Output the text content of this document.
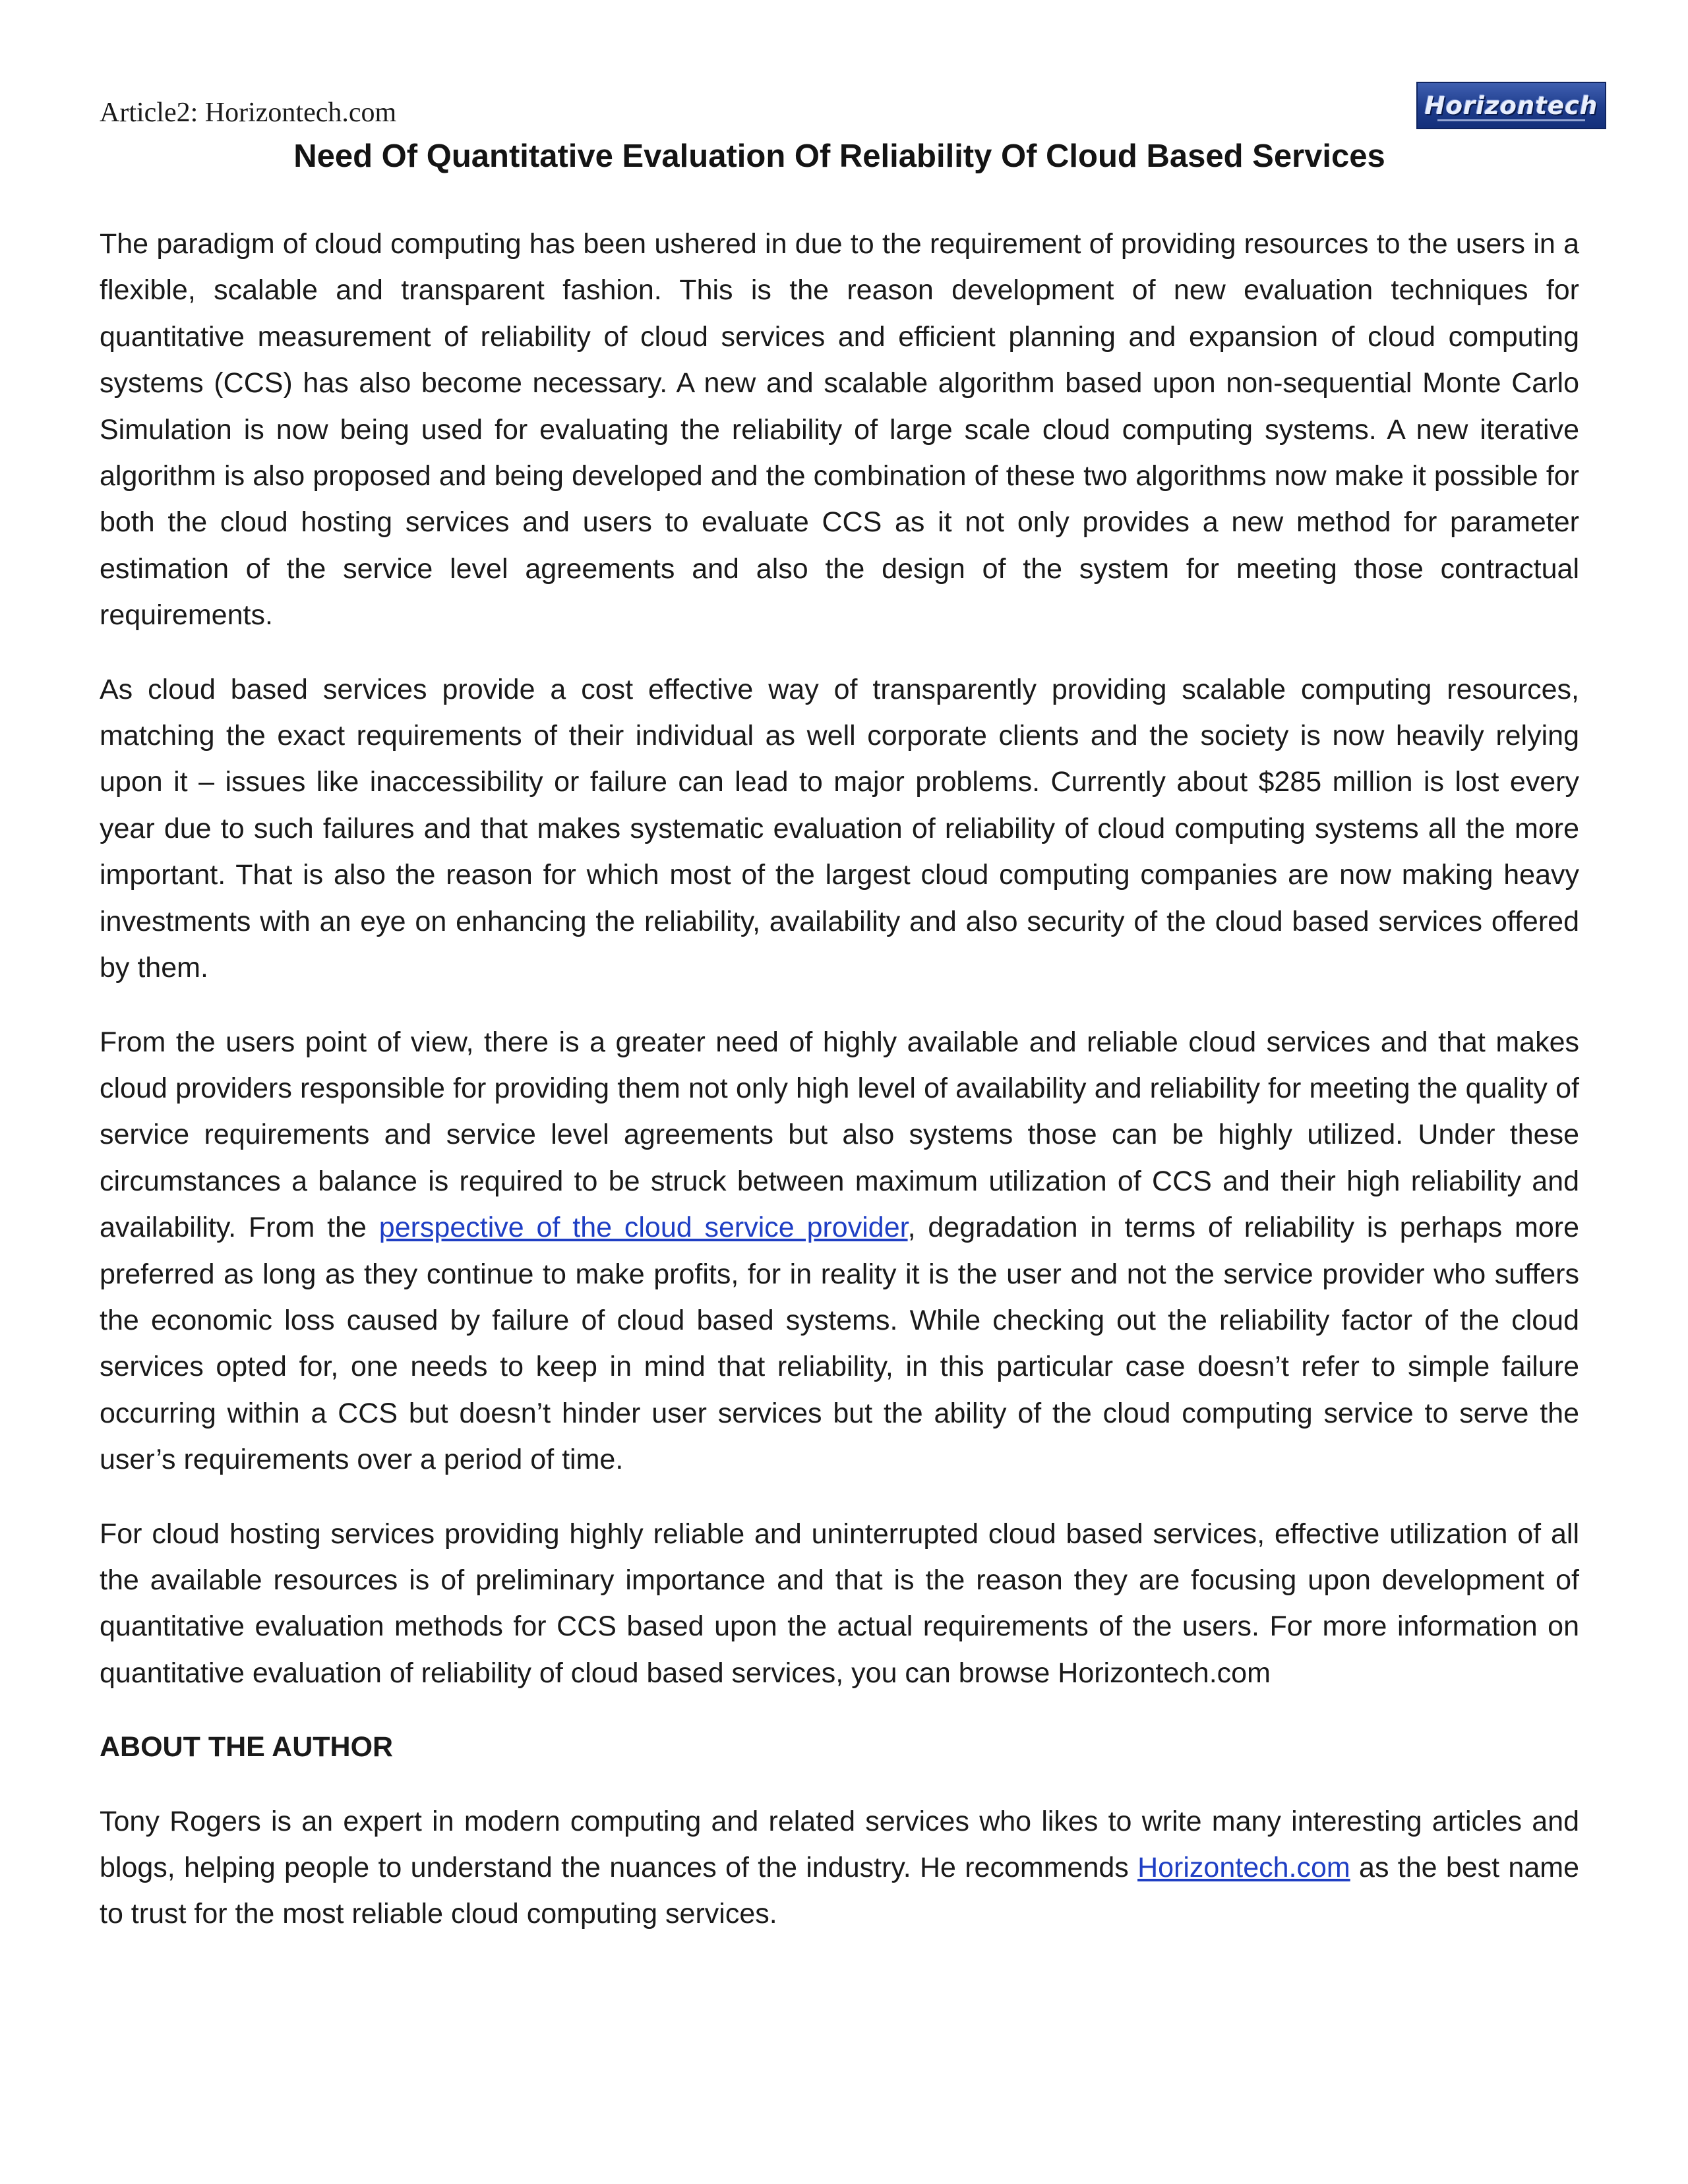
Article2: Horizontech.com	Horizontech
Need Of Quantitative Evaluation Of Reliability Of Cloud Based Services

The paradigm of cloud computing has been ushered in due to the requirement of providing resources to the users in a flexible, scalable and transparent fashion. This is the reason development of new evaluation techniques for quantitative measurement of reliability of cloud services and efficient planning and expansion of cloud computing systems (CCS) has also become necessary. A new and scalable algorithm based upon non-sequential Monte Carlo Simulation is now being used for evaluating the reliability of large scale cloud computing systems. A new iterative algorithm is also proposed and being developed and the combination of these two algorithms now make it possible for both the cloud hosting services and users to evaluate CCS as it not only provides a new method for parameter estimation of the service level agreements and also the design of the system for meeting those contractual requirements.

As cloud based services provide a cost effective way of transparently providing scalable computing resources, matching the exact requirements of their individual as well corporate clients and the society is now heavily relying upon it – issues like inaccessibility or failure can lead to major problems. Currently about $285 million is lost every year due to such failures and that makes systematic evaluation of reliability of cloud computing systems all the more important. That is also the reason for which most of the largest cloud computing companies are now making heavy investments with an eye on enhancing the reliability, availability and also security of the cloud based services offered by them.

From the users point of view, there is a greater need of highly available and reliable cloud services and that makes cloud providers responsible for providing them not only high level of availability and reliability for meeting the quality of service requirements and service level agreements but also systems those can be highly utilized. Under these circumstances a balance is required to be struck between maximum utilization of CCS and their high reliability and availability. From the perspective of the cloud service provider, degradation in terms of reliability is perhaps more preferred as long as they continue to make profits, for in reality it is the user and not the service provider who suffers the economic loss caused by failure of cloud based systems. While checking out the reliability factor of the cloud services opted for, one needs to keep in mind that reliability, in this particular case doesn’t refer to simple failure occurring within a CCS but doesn’t hinder user services but the ability of the cloud computing service to serve the user’s requirements over a period of time.

For cloud hosting services providing highly reliable and uninterrupted cloud based services, effective utilization of all the available resources is of preliminary importance and that is the reason they are focusing upon development of quantitative evaluation methods for CCS based upon the actual requirements of the users. For more information on quantitative evaluation of reliability of cloud based services, you can browse Horizontech.com

ABOUT THE AUTHOR

Tony Rogers is an expert in modern computing and related services who likes to write many interesting articles and blogs, helping people to understand the nuances of the industry. He recommends Horizontech.com as the best name to trust for the most reliable cloud computing services.
